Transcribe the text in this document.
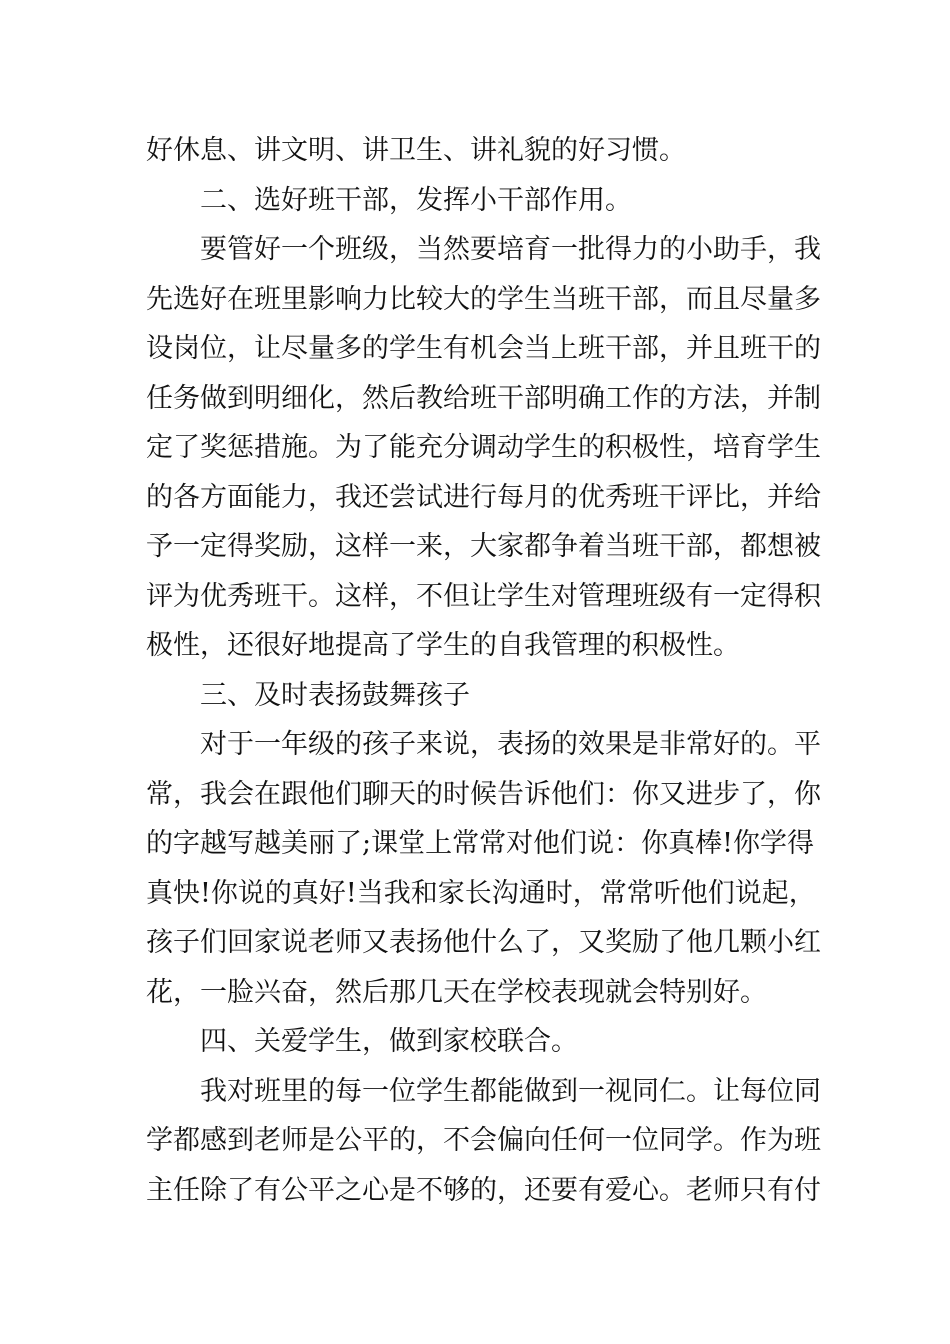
好休息、讲文明、讲卫生、讲礼貌的好习惯。
二、选好班干部，发挥小干部作用。
要管好一个班级，当然要培育一批得力的小助手，我
先选好在班里影响力比较大的学生当班干部，而且尽量多
设岗位，让尽量多的学生有机会当上班干部，并且班干的
任务做到明细化，然后教给班干部明确工作的方法，并制
定了奖惩措施。为了能充分调动学生的积极性，培育学生
的各方面能力，我还尝试进行每月的优秀班干评比，并给
予一定得奖励，这样一来，大家都争着当班干部，都想被
评为优秀班干。这样，不但让学生对管理班级有一定得积
极性，还很好地提高了学生的自我管理的积极性。
三、及时表扬鼓舞孩子
对于一年级的孩子来说，表扬的效果是非常好的。平
常，我会在跟他们聊天的时候告诉他们：你又进步了，你
的字越写越美丽了;课堂上常常对他们说：你真棒!你学得
真快!你说的真好!当我和家长沟通时，常常听他们说起，
孩子们回家说老师又表扬他什么了，又奖励了他几颗小红
花，一脸兴奋，然后那几天在学校表现就会特别好。
四、关爱学生，做到家校联合。
我对班里的每一位学生都能做到一视同仁。让每位同
学都感到老师是公平的，不会偏向任何一位同学。作为班
主任除了有公平之心是不够的，还要有爱心。老师只有付
